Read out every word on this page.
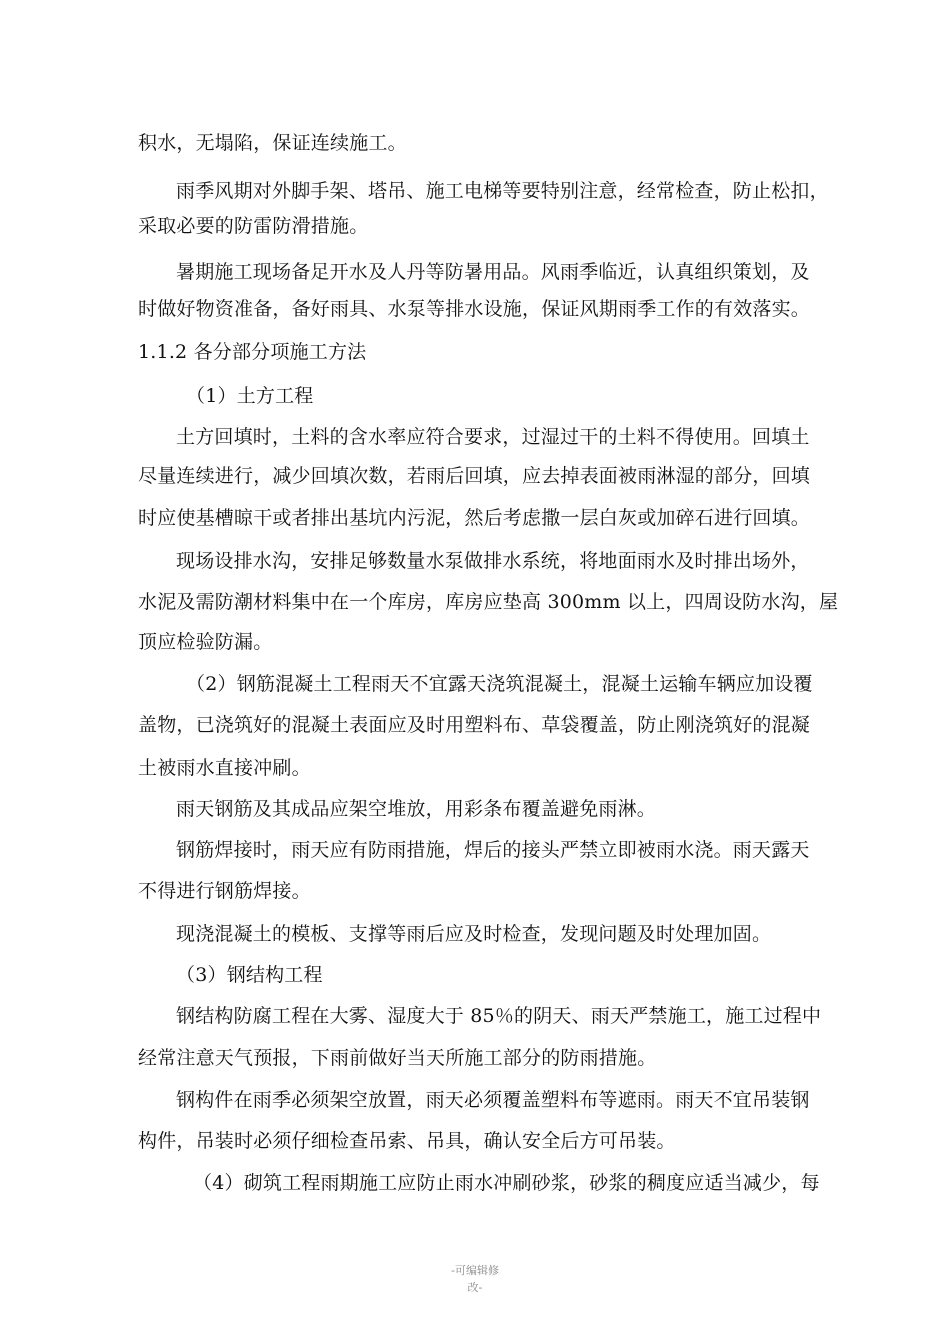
积水，无塌陷，保证连续施工。
雨季风期对外脚手架、塔吊、施工电梯等要特别注意，经常检查，防止松扣，
采取必要的防雷防滑措施。
暑期施工现场备足开水及人丹等防暑用品。风雨季临近，认真组织策划，及
时做好物资准备，备好雨具、水泵等排水设施，保证风期雨季工作的有效落实。
1.1.2 各分部分项施工方法
（1）土方工程
土方回填时，土料的含水率应符合要求，过湿过干的土料不得使用。回填土
尽量连续进行，减少回填次数，若雨后回填，应去掉表面被雨淋湿的部分，回填
时应使基槽晾干或者排出基坑内污泥，然后考虑撒一层白灰或加碎石进行回填。
现场设排水沟，安排足够数量水泵做排水系统，将地面雨水及时排出场外，
水泥及需防潮材料集中在一个库房，库房应垫高 300mm 以上，四周设防水沟，屋
顶应检验防漏。
（2）钢筋混凝土工程雨天不宜露天浇筑混凝土，混凝土运输车辆应加设覆
盖物，已浇筑好的混凝土表面应及时用塑料布、草袋覆盖，防止刚浇筑好的混凝
土被雨水直接冲刷。
雨天钢筋及其成品应架空堆放，用彩条布覆盖避免雨淋。
钢筋焊接时，雨天应有防雨措施，焊后的接头严禁立即被雨水浇。雨天露天
不得进行钢筋焊接。
现浇混凝土的模板、支撑等雨后应及时检查，发现问题及时处理加固。
（3）钢结构工程
钢结构防腐工程在大雾、湿度大于 85％的阴天、雨天严禁施工，施工过程中
经常注意天气预报，下雨前做好当天所施工部分的防雨措施。
钢构件在雨季必须架空放置，雨天必须覆盖塑料布等遮雨。雨天不宜吊装钢
构件，吊装时必须仔细检查吊索、吊具，确认安全后方可吊装。
（4）砌筑工程雨期施工应防止雨水冲刷砂浆，砂浆的稠度应适当减少，每
-可编辑修
改-
